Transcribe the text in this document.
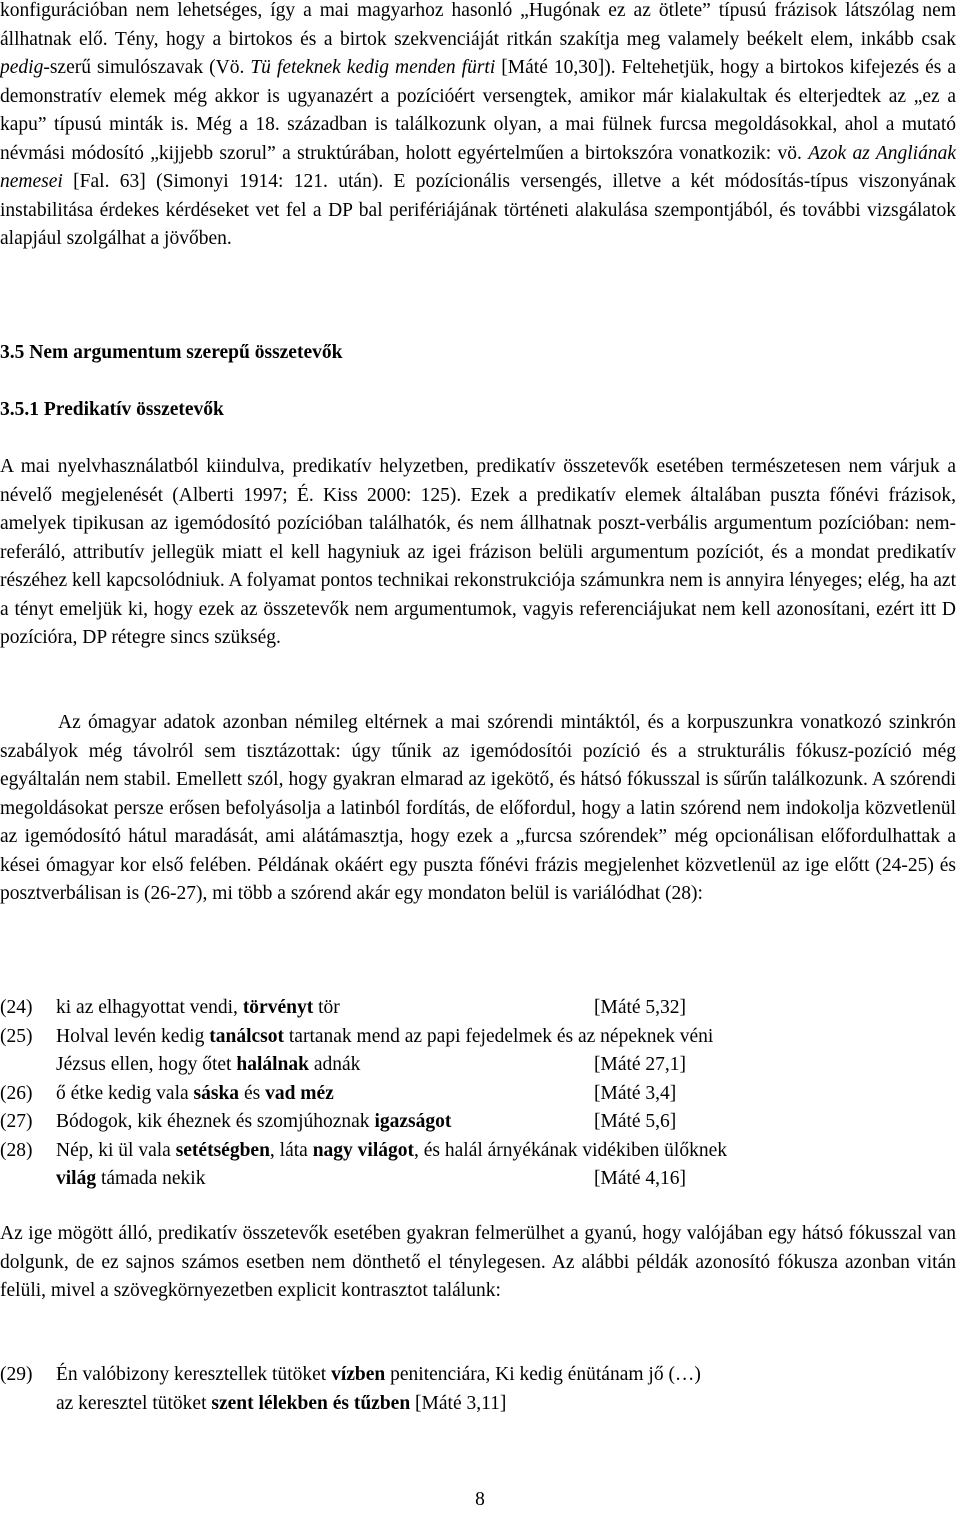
konfigurációban nem lehetséges, így a mai magyarhoz hasonló „Hugónak ez az ötlete” típusú frázisok látszólag nem állhatnak elő. Tény, hogy a birtokos és a birtok szekvenciáját ritkán szakítja meg valamely beékelt elem, inkább csak pedig-szerű simulószavak (Vö. Tü feteknek kedig menden fürti [Máté 10,30]). Feltehetjük, hogy a birtokos kifejezés és a demonstratív elemek még akkor is ugyanazért a pozícióért versengtek, amikor már kialakultak és elterjedtek az „ez a kapu” típusú minták is. Még a 18. században is találkozunk olyan, a mai fülnek furcsa megoldásokkal, ahol a mutató névmási módosító „kijjebb szorul” a struktúrában, holott egyértelműen a birtokszóra vonatkozik: vö. Azok az Angliának nemesei [Fal. 63] (Simonyi 1914: 121. után). E pozícionális versengés, illetve a két módosítás-típus viszonyának instabilitása érdekes kérdéseket vet fel a DP bal perifériájának történeti alakulása szempontjából, és további vizsgálatok alapjául szolgálhat a jövőben.

3.5 Nem argumentum szerepű összetevők
3.5.1 Predikatív összetevők

A mai nyelvhasználatból kiindulva, predikatív helyzetben, predikatív összetevők esetében természetesen nem várjuk a névelő megjelenését (Alberti 1997; É. Kiss 2000: 125). Ezek a predikatív elemek általában puszta főnévi frázisok, amelyek tipikusan az igemódosító pozícióban találhatók, és nem állhatnak poszt-verbális argumentum pozícióban: nem-referáló, attributív jellegük miatt el kell hagyniuk az igei frázison belüli argumentum pozíciót, és a mondat predikatív részéhez kell kapcsolódniuk. A folyamat pontos technikai rekonstrukciója számunkra nem is annyira lényeges; elég, ha azt a tényt emeljük ki, hogy ezek az összetevők nem argumentumok, vagyis referenciájukat nem kell azonosítani, ezért itt D pozícióra, DP rétegre sincs szükség.

Az ómagyar adatok azonban némileg eltérnek a mai szórendi mintáktól, és a korpuszunkra vonatkozó szinkrón szabályok még távolról sem tisztázottak: úgy tűnik az igemódosítói pozíció és a strukturális fókusz-pozíció még egyáltalán nem stabil. Emellett szól, hogy gyakran elmarad az igekötő, és hátsó fókusszal is sűrűn találkozunk. A szórendi megoldásokat persze erősen befolyásolja a latinból fordítás, de előfordul, hogy a latin szórend nem indokolja közvetlenül az igemódosító hátul maradását, ami alátámasztja, hogy ezek a „furcsa szórendek” még opcionálisan előfordulhattak a kései ómagyar kor első felében. Példának okáért egy puszta főnévi frázis megjelenhet közvetlenül az ige előtt (24-25) és posztverbálisan is (26-27), mi több a szórend akár egy mondaton belül is variálódhat (28):

(24) ki az elhagyottat vendi, törvényt tör	[Máté 5,32]
(25) Holval levén kedig tanálcsot tartanak mend az papi fejedelmek és az népeknek véni
Jézsus ellen, hogy őtet halálnak adnák	[Máté 27,1]
(26) ő étke kedig vala sáska és vad méz	[Máté 3,4]
(27) Bódogok, kik éheznek és szomjúhoznak igazságot	[Máté 5,6]
(28) Nép, ki ül vala setétségben, láta nagy világot, és halál árnyékának vidékiben ülőknek
világ támada nekik	[Máté 4,16]

Az ige mögött álló, predikatív összetevők esetében gyakran felmerülhet a gyanú, hogy valójában egy hátsó fókusszal van dolgunk, de ez sajnos számos esetben nem dönthető el ténylegesen. Az alábbi példák azonosító fókusza azonban vitán felüli, mivel a szövegkörnyezetben explicit kontrasztot találunk:

(29) Én valóbizony keresztellek tütöket vízben penitenciára, Ki kedig énütánam jő (…)
az keresztel tütöket szent lélekben és tűzben [Máté 3,11]
8
